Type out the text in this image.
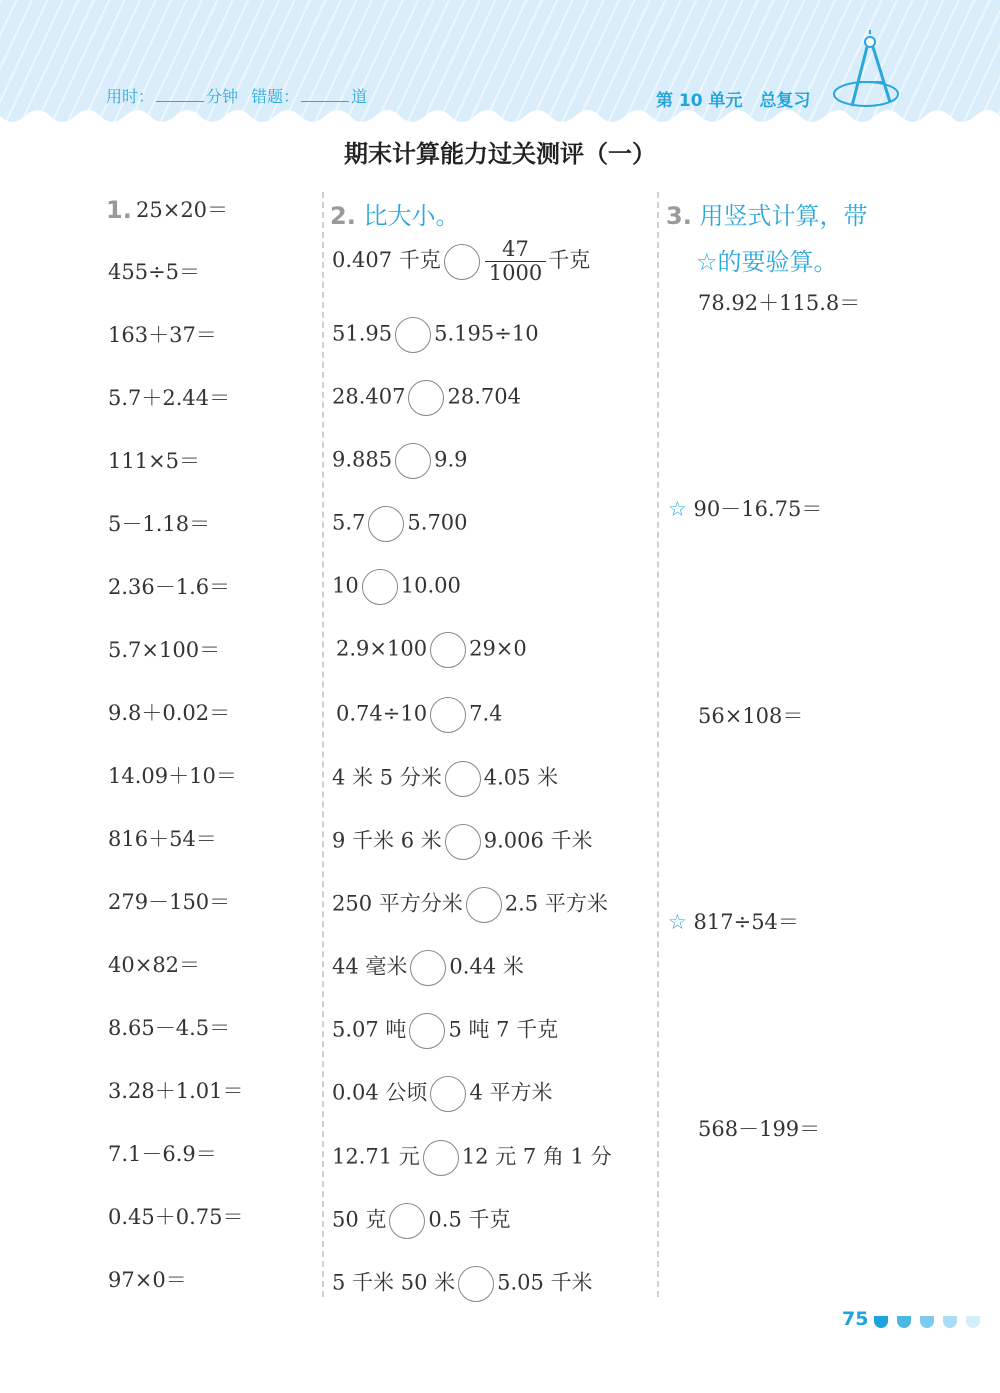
用时：	分钟 错题：	道	第 10 单元　总复习
期末计算能力过关测评（一）
1. 25×20＝
455÷5＝
163＋37＝
5.7＋2.44＝
111×5＝
5－1.18＝
2.36－1.6＝
5.7×100＝
9.8＋0.02＝
14.09＋10＝
816＋54＝
279－150＝
40×82＝
8.65－4.5＝
3.28＋1.01＝
7.1－6.9＝
0.45＋0.75＝
97×0＝
2. 比大小。
0.407 千克 $\frac{47}{1000}$ 千克
51.95 5.195÷10
28.407 28.704
9.885 9.9
5.7 5.700
10 10.00
2.9×100 29×0
0.74÷10 7.4
4 米 5 分米 4.05 米
9 千米 6 米 9.006 千米
250 平方分米 2.5 平方米
44 毫米 0.44 米
5.07 吨 5 吨 7 千克
0.04 公顷 4 平方米
12.71 元 12 元 7 角 1 分
50 克 0.5 千克
5 千米 50 米 5.05 千米
3. 用竖式计算，带
☆的要验算。
78.92＋115.8＝
☆ 90－16.75＝
56×108＝
☆ 817÷54＝
568－199＝
75
